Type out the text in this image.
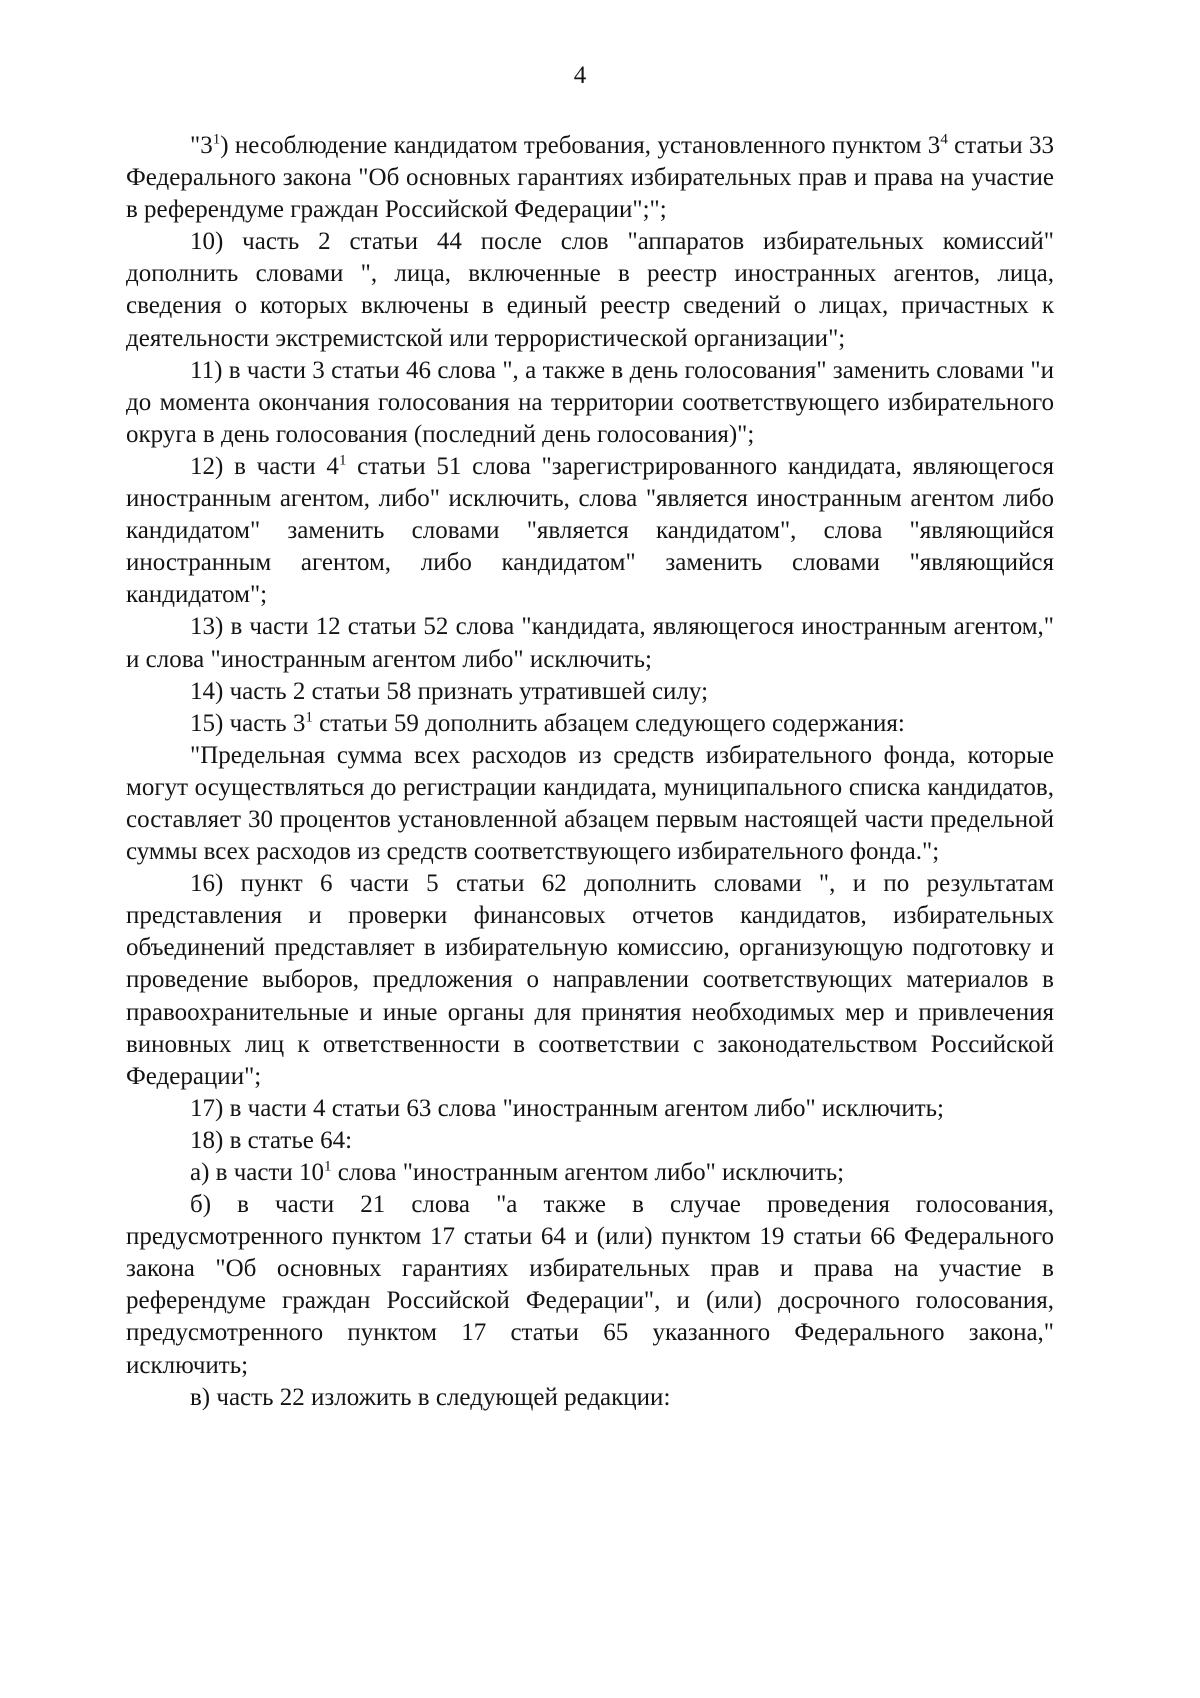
4

"$3^1$) несоблюдение кандидатом требования, установленного пунктом $3^4$ статьи 33 Федерального закона "Об основных гарантиях избирательных прав и права на участие в референдуме граждан Российской Федерации";";

10) часть 2 статьи 44 после слов "аппаратов избирательных комиссий" дополнить словами ", лица, включенные в реестр иностранных агентов, лица, сведения о которых включены в единый реестр сведений о лицах, причастных к деятельности экстремистской или террористической организации";

11) в части 3 статьи 46 слова ", а также в день голосования" заменить словами "и до момента окончания голосования на территории соответствующего избирательного округа в день голосования (последний день голосования)";

12) в части $4^1$ статьи 51 слова "зарегистрированного кандидата, являющегося иностранным агентом, либо" исключить, слова "является иностранным агентом либо кандидатом" заменить словами "является кандидатом", слова "являющийся иностранным агентом, либо кандидатом" заменить словами "являющийся кандидатом";

13) в части 12 статьи 52 слова "кандидата, являющегося иностранным агентом," и слова "иностранным агентом либо" исключить;

14) часть 2 статьи 58 признать утратившей силу;

15) часть $3^1$ статьи 59 дополнить абзацем следующего содержания:

"Предельная сумма всех расходов из средств избирательного фонда, которые могут осуществляться до регистрации кандидата, муниципального списка кандидатов, составляет 30 процентов установленной абзацем первым настоящей части предельной суммы всех расходов из средств соответствующего избирательного фонда.";

16) пункт 6 части 5 статьи 62 дополнить словами ", и по результатам представления и проверки финансовых отчетов кандидатов, избирательных объединений представляет в избирательную комиссию, организующую подготовку и проведение выборов, предложения о направлении соответствующих материалов в правоохранительные и иные органы для принятия необходимых мер и привлечения виновных лиц к ответственности в соответствии с законодательством Российской Федерации";

17) в части 4 статьи 63 слова "иностранным агентом либо" исключить;

18) в статье 64:

а) в части $10^1$ слова "иностранным агентом либо" исключить;

б) в части 21 слова "а также в случае проведения голосования, предусмотренного пунктом 17 статьи 64 и (или) пунктом 19 статьи 66 Федерального закона "Об основных гарантиях избирательных прав и права на участие в референдуме граждан Российской Федерации", и (или) досрочного голосования, предусмотренного пунктом 17 статьи 65 указанного Федерального закона," исключить;

в) часть 22 изложить в следующей редакции:
